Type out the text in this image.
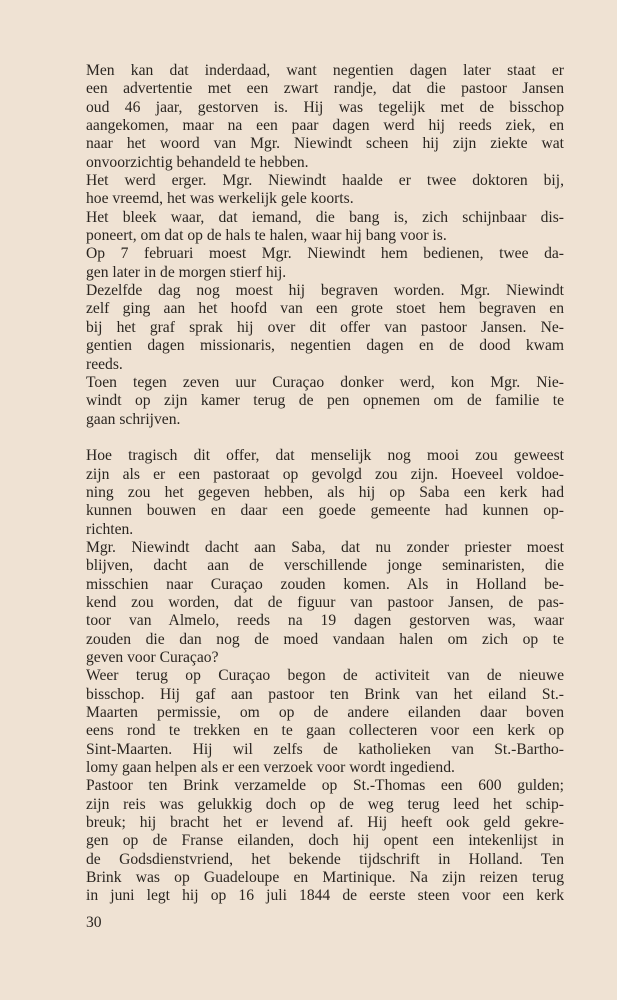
Men kan dat inderdaad, want negentien dagen later staat er
een advertentie met een zwart randje, dat die pastoor Jansen
oud 46 jaar, gestorven is. Hij was tegelijk met de bisschop
aangekomen, maar na een paar dagen werd hij reeds ziek, en
naar het woord van Mgr. Niewindt scheen hij zijn ziekte wat
onvoorzichtig behandeld te hebben.
Het werd erger. Mgr. Niewindt haalde er twee doktoren bij,
hoe vreemd, het was werkelijk gele koorts.
Het bleek waar, dat iemand, die bang is, zich schijnbaar dis-
poneert, om dat op de hals te halen, waar hij bang voor is.
Op 7 februari moest Mgr. Niewindt hem bedienen, twee da-
gen later in de morgen stierf hij.
Dezelfde dag nog moest hij begraven worden. Mgr. Niewindt
zelf ging aan het hoofd van een grote stoet hem begraven en
bij het graf sprak hij over dit offer van pastoor Jansen. Ne-
gentien dagen missionaris, negentien dagen en de dood kwam
reeds.
Toen tegen zeven uur Curaçao donker werd, kon Mgr. Nie-
windt op zijn kamer terug de pen opnemen om de familie te
gaan schrijven.
Hoe tragisch dit offer, dat menselijk nog mooi zou geweest
zijn als er een pastoraat op gevolgd zou zijn. Hoeveel voldoe-
ning zou het gegeven hebben, als hij op Saba een kerk had
kunnen bouwen en daar een goede gemeente had kunnen op-
richten.
Mgr. Niewindt dacht aan Saba, dat nu zonder priester moest
blijven, dacht aan de verschillende jonge seminaristen, die
misschien naar Curaçao zouden komen. Als in Holland be-
kend zou worden, dat de figuur van pastoor Jansen, de pas-
toor van Almelo, reeds na 19 dagen gestorven was, waar
zouden die dan nog de moed vandaan halen om zich op te
geven voor Curaçao?
Weer terug op Curaçao begon de activiteit van de nieuwe
bisschop. Hij gaf aan pastoor ten Brink van het eiland St.-
Maarten permissie, om op de andere eilanden daar boven
eens rond te trekken en te gaan collecteren voor een kerk op
Sint-Maarten. Hij wil zelfs de katholieken van St.-Bartho-
lomy gaan helpen als er een verzoek voor wordt ingediend.
Pastoor ten Brink verzamelde op St.-Thomas een 600 gulden;
zijn reis was gelukkig doch op de weg terug leed het schip-
breuk; hij bracht het er levend af. Hij heeft ook geld gekre-
gen op de Franse eilanden, doch hij opent een intekenlijst in
de Godsdienstvriend, het bekende tijdschrift in Holland. Ten
Brink was op Guadeloupe en Martinique. Na zijn reizen terug
in juni legt hij op 16 juli 1844 de eerste steen voor een kerk
30
